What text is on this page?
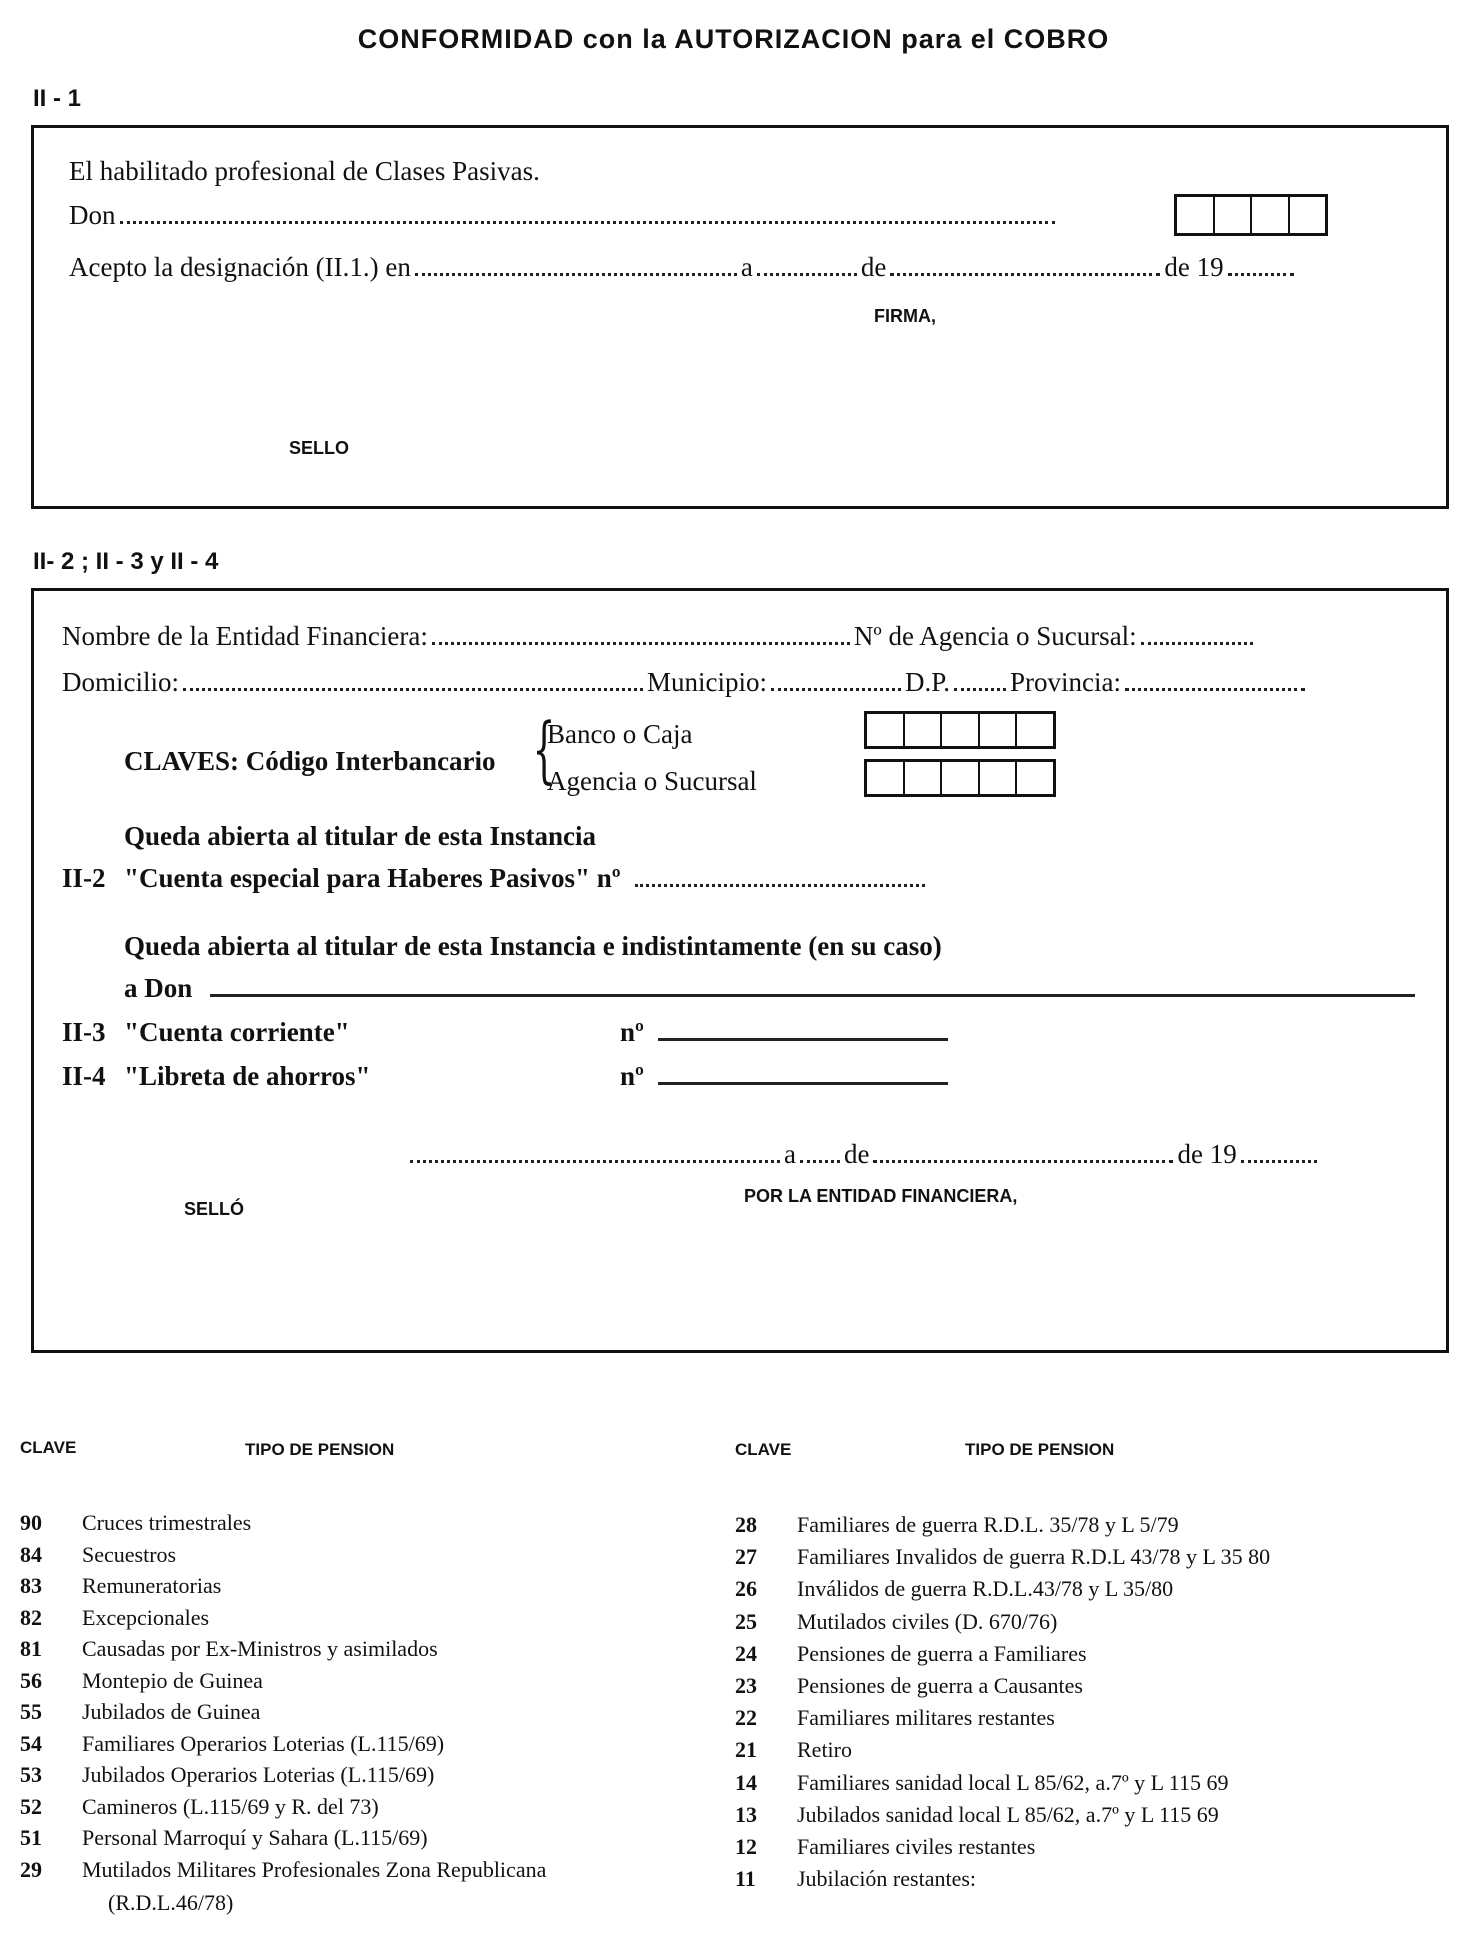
CONFORMIDAD con la AUTORIZACION para el COBRO
II - 1
El habilitado profesional de Clases Pasivas.
Don
Acepto la designación (II.1.) en	a	de	de 19
FIRMA,
SELLO
II- 2 ; II - 3 y II - 4
Nombre de la Entidad Financiera:	Nº de Agencia o Sucursal:
Domicilio:	Municipio:	D.P. Provincia:
CLAVES: Código Interbancario {
Banco o Caja
Agencia o Sucursal
Queda abierta al titular de esta Instancia
II-2 "Cuenta especial para Haberes Pasivos" nº
Queda abierta al titular de esta Instancia e indistintamente (en su caso)
a Don
II-3 "Cuenta corriente"	nº
II-4 "Libreta de ahorros"	nº
a de	de 19
POR LA ENTIDAD FINANCIERA,
SELLÓ
CLAVE	TIPO DE PENSION	CLAVE	TIPO DE PENSION
90 Cruces trimestrales
84 Secuestros
83 Remuneratorias
82 Excepcionales
81 Causadas por Ex-Ministros y asimilados
56 Montepio de Guinea
55 Jubilados de Guinea
54 Familiares Operarios Loterias (L.115/69)
53 Jubilados Operarios Loterias (L.115/69)
52 Camineros (L.115/69 y R. del 73)
51 Personal Marroquí y Sahara (L.115/69)
29 Mutilados Militares Profesionales Zona Republicana
(R.D.L.46/78)
28 Familiares de guerra R.D.L. 35/78 y L 5/79
27 Familiares Invalidos de guerra R.D.L 43/78 y L 35 80
26 Inválidos de guerra R.D.L.43/78 y L 35/80
25 Mutilados civiles (D. 670/76)
24 Pensiones de guerra a Familiares
23 Pensiones de guerra a Causantes
22 Familiares militares restantes
21 Retiro
14 Familiares sanidad local L 85/62, a.7º y L 115 69
13 Jubilados sanidad local L 85/62, a.7º y L 115 69
12 Familiares civiles restantes
11 Jubilación restantes:
